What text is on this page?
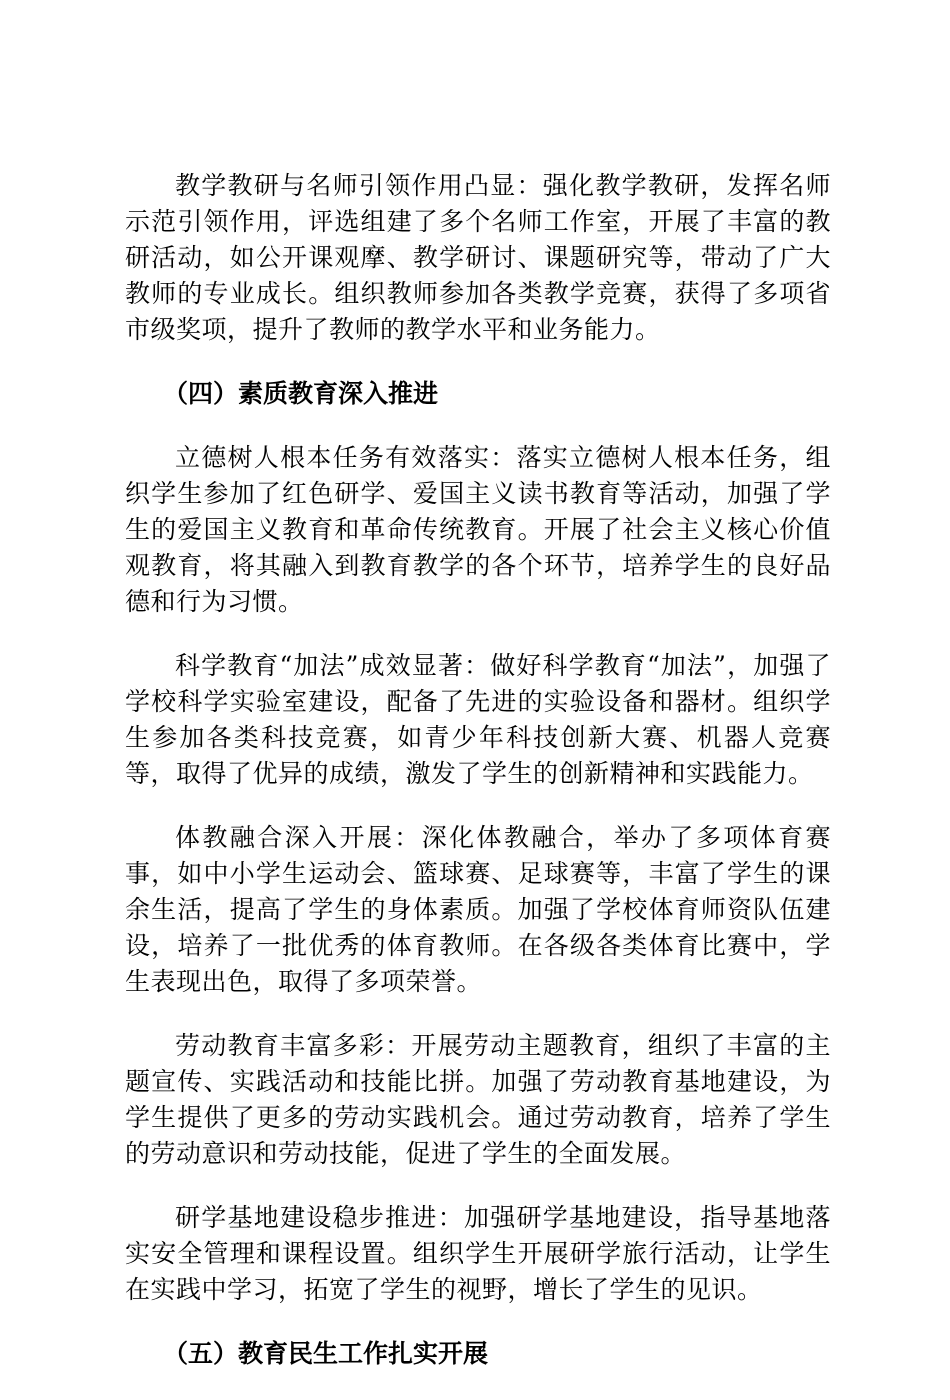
教学教研与名师引领作用凸显：强化教学教研，发挥名师示范引领作用，评选组建了多个名师工作室，开展了丰富的教研活动，如公开课观摩、教学研讨、课题研究等，带动了广大教师的专业成长。组织教师参加各类教学竞赛，获得了多项省市级奖项，提升了教师的教学水平和业务能力。

（四）素质教育深入推进

立德树人根本任务有效落实：落实立德树人根本任务，组织学生参加了红色研学、爱国主义读书教育等活动，加强了学生的爱国主义教育和革命传统教育。开展了社会主义核心价值观教育，将其融入到教育教学的各个环节，培养学生的良好品德和行为习惯。

科学教育“加法”成效显著：做好科学教育“加法”，加强了学校科学实验室建设，配备了先进的实验设备和器材。组织学生参加各类科技竞赛，如青少年科技创新大赛、机器人竞赛等，取得了优异的成绩，激发了学生的创新精神和实践能力。

体教融合深入开展：深化体教融合，举办了多项体育赛事，如中小学生运动会、篮球赛、足球赛等，丰富了学生的课余生活，提高了学生的身体素质。加强了学校体育师资队伍建设，培养了一批优秀的体育教师。在各级各类体育比赛中，学生表现出色，取得了多项荣誉。

劳动教育丰富多彩：开展劳动主题教育，组织了丰富的主题宣传、实践活动和技能比拼。加强了劳动教育基地建设，为学生提供了更多的劳动实践机会。通过劳动教育，培养了学生的劳动意识和劳动技能，促进了学生的全面发展。

研学基地建设稳步推进：加强研学基地建设，指导基地落实安全管理和课程设置。组织学生开展研学旅行活动，让学生在实践中学习，拓宽了学生的视野，增长了学生的见识。

（五）教育民生工作扎实开展
